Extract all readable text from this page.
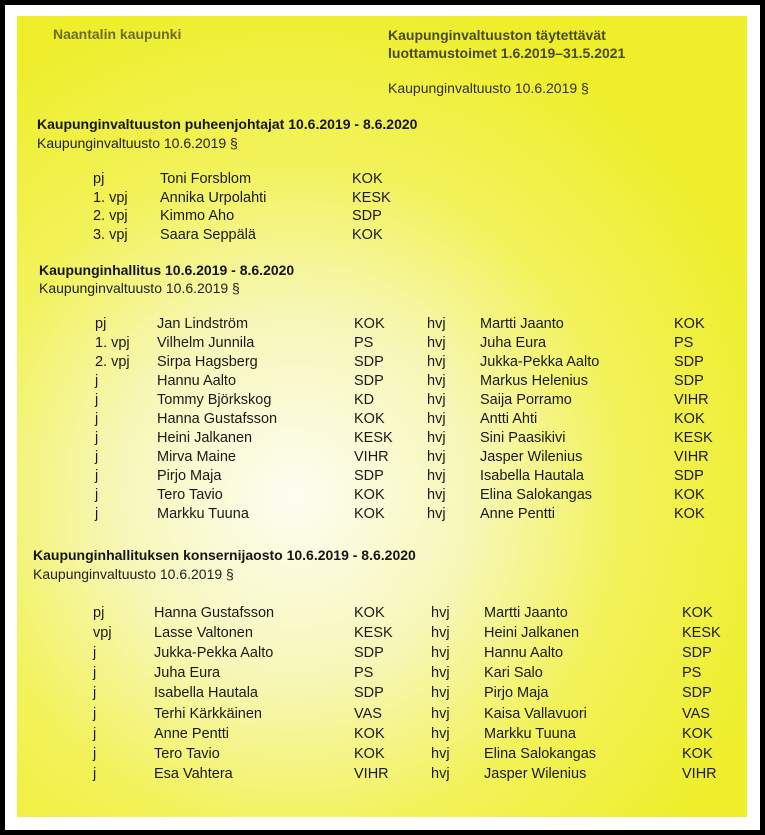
Naantalin kaupunki	Kaupunginvaltuuston täytettävät
luottamustoimet 1.6.2019–31.5.2021
Kaupunginvaltuusto 10.6.2019 §
Kaupunginvaltuuston puheenjohtajat 10.6.2019 - 8.6.2020
Kaupunginvaltuusto 10.6.2019 §
pj	Toni Forsblom	KOK
1. vpj Annika Urpolahti	KESK
2. vpj Kimmo Aho	SDP
3. vpj Saara Seppälä	KOK
Kaupunginhallitus 10.6.2019 - 8.6.2020
Kaupunginvaltuusto 10.6.2019 §
pj	Jan Lindström	KOK	hvj Martti Jaanto	KOK
1. vpj Vilhelm Junnila	PS	hvj Juha Eura	PS
2. vpj Sirpa Hagsberg	SDP	hvj Jukka-Pekka Aalto	SDP
j	Hannu Aalto	SDP	hvj Markus Helenius	SDP
j	Tommy Björkskog	KD	hvj Saija Porramo	VIHR
j	Hanna Gustafsson	KOK	hvj Antti Ahti	KOK
j	Heini Jalkanen	KESK hvj Sini Paasikivi	KESK
j	Mirva Maine	VIHR	hvj Jasper Wilenius	VIHR
j	Pirjo Maja	SDP	hvj Isabella Hautala	SDP
j	Tero Tavio	KOK	hvj Elina Salokangas	KOK
j	Markku Tuuna	KOK	hvj Anne Pentti	KOK
Kaupunginhallituksen konsernijaosto 10.6.2019 - 8.6.2020
Kaupunginvaltuusto 10.6.2019 §
pj	Hanna Gustafsson	KOK	hvj Martti Jaanto	KOK
vpj	Lasse Valtonen	KESK	hvj Heini Jalkanen	KESK
j	Jukka-Pekka Aalto	SDP	hvj Hannu Aalto	SDP
j	Juha Eura	PS	hvj Kari Salo	PS
j	Isabella Hautala	SDP	hvj Pirjo Maja	SDP
j	Terhi Kärkkäinen	VAS	hvj Kaisa Vallavuori	VAS
j	Anne Pentti	KOK	hvj Markku Tuuna	KOK
j	Tero Tavio	KOK	hvj Elina Salokangas	KOK
j	Esa Vahtera	VIHR	hvj Jasper Wilenius	VIHR
